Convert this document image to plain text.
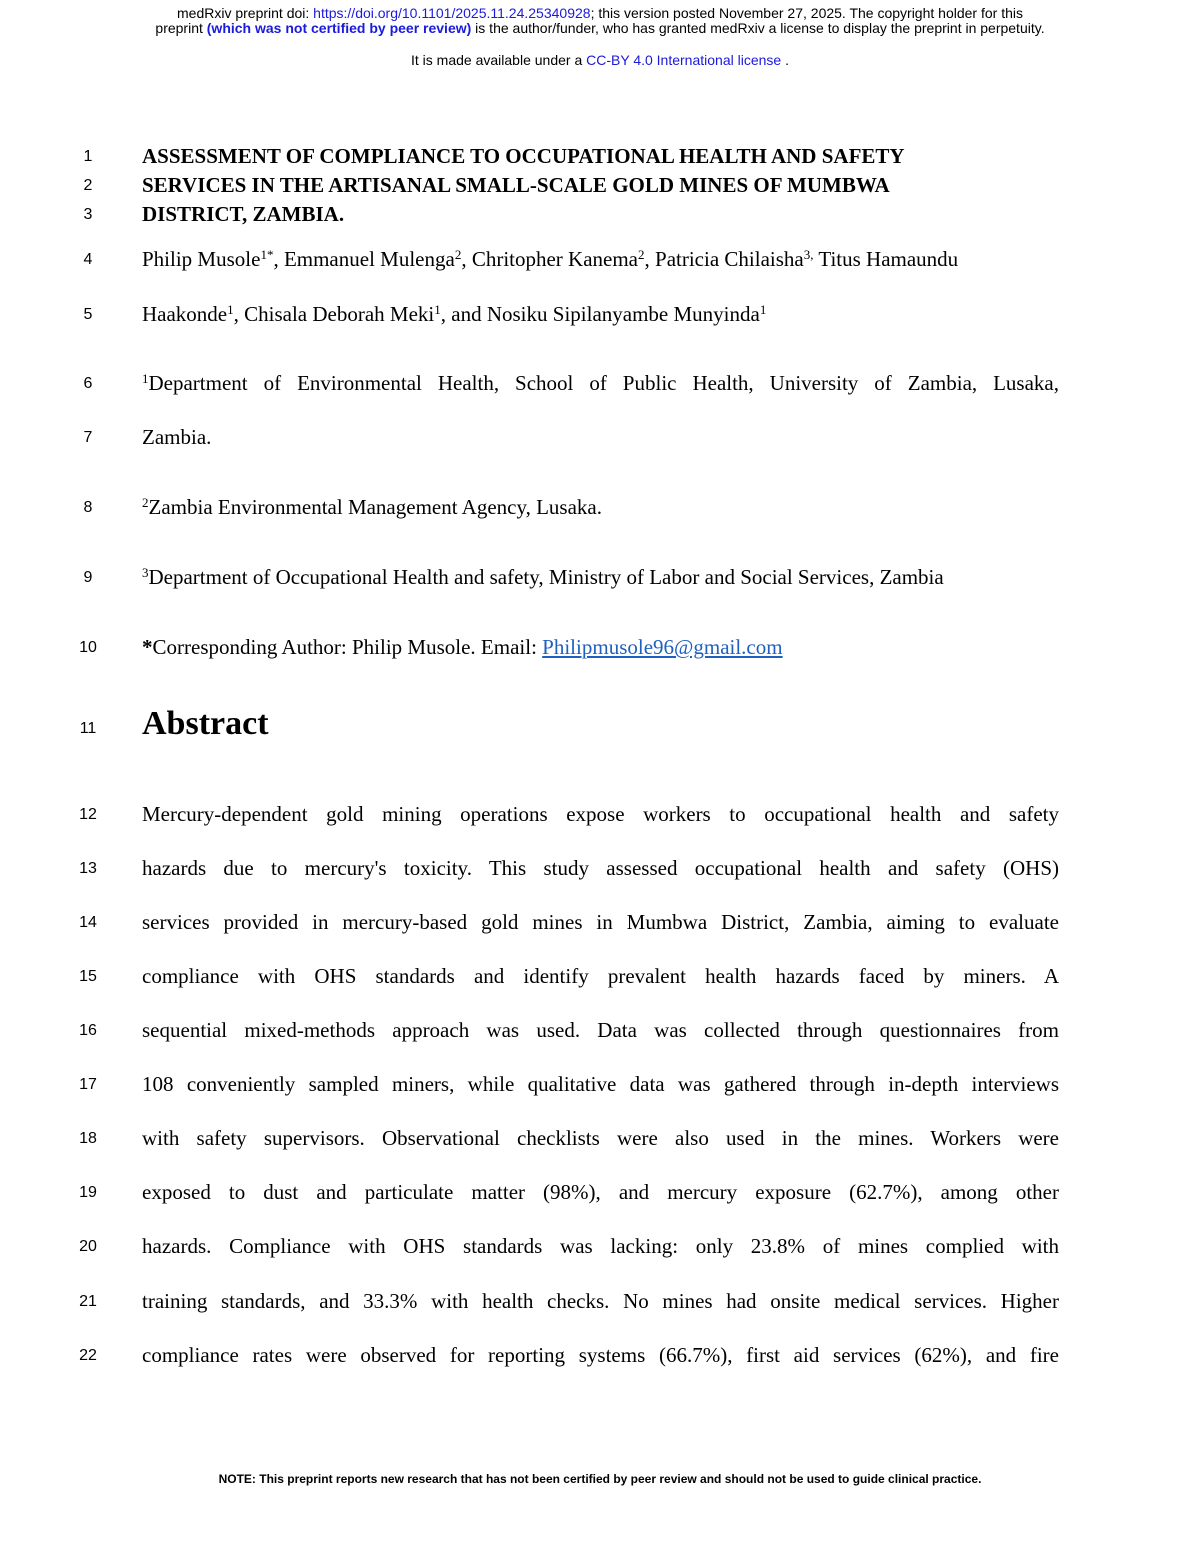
medRxiv preprint doi: https://doi.org/10.1101/2025.11.24.25340928; this version posted November 27, 2025. The copyright holder for this
preprint (which was not certified by peer review) is the author/funder, who has granted medRxiv a license to display the preprint in perpetuity.
It is made available under a CC-BY 4.0 International license .
1
2
3
4
5
6
7
8
9
10
11
12
13
14
15
16
17
18
19
20
21
22
ASSESSMENT OF COMPLIANCE TO OCCUPATIONAL HEALTH AND SAFETY
SERVICES IN THE ARTISANAL SMALL-SCALE GOLD MINES OF MUMBWA
DISTRICT, ZAMBIA.
Philip Musole$^{1*}$, Emmanuel Mulenga$^2$, Chritopher Kanema$^2$, Patricia Chilaisha$^{3,}$ Titus Hamaundu
Haakonde$^1$, Chisala Deborah Meki$^1$, and Nosiku Sipilanyambe Munyinda$^1$
$^1$Department of Environmental Health, School of Public Health, University of Zambia, Lusaka,
Zambia.
$^2$Zambia Environmental Management Agency, Lusaka.
$^3$Department of Occupational Health and safety, Ministry of Labor and Social Services, Zambia
*Corresponding Author: Philip Musole. Email: Philipmusole96@gmail.com
Abstract
Mercury-dependent gold mining operations expose workers to occupational health and safety
hazards due to mercury's toxicity. This study assessed occupational health and safety (OHS)
services provided in mercury-based gold mines in Mumbwa District, Zambia, aiming to evaluate
compliance with OHS standards and identify prevalent health hazards faced by miners. A
sequential mixed-methods approach was used. Data was collected through questionnaires from
108 conveniently sampled miners, while qualitative data was gathered through in-depth interviews
with safety supervisors. Observational checklists were also used in the mines. Workers were
exposed to dust and particulate matter (98%), and mercury exposure (62.7%), among other
hazards. Compliance with OHS standards was lacking: only 23.8% of mines complied with
training standards, and 33.3% with health checks. No mines had onsite medical services. Higher
compliance rates were observed for reporting systems (66.7%), first aid services (62%), and fire
NOTE: This preprint reports new research that has not been certified by peer review and should not be used to guide clinical practice.
